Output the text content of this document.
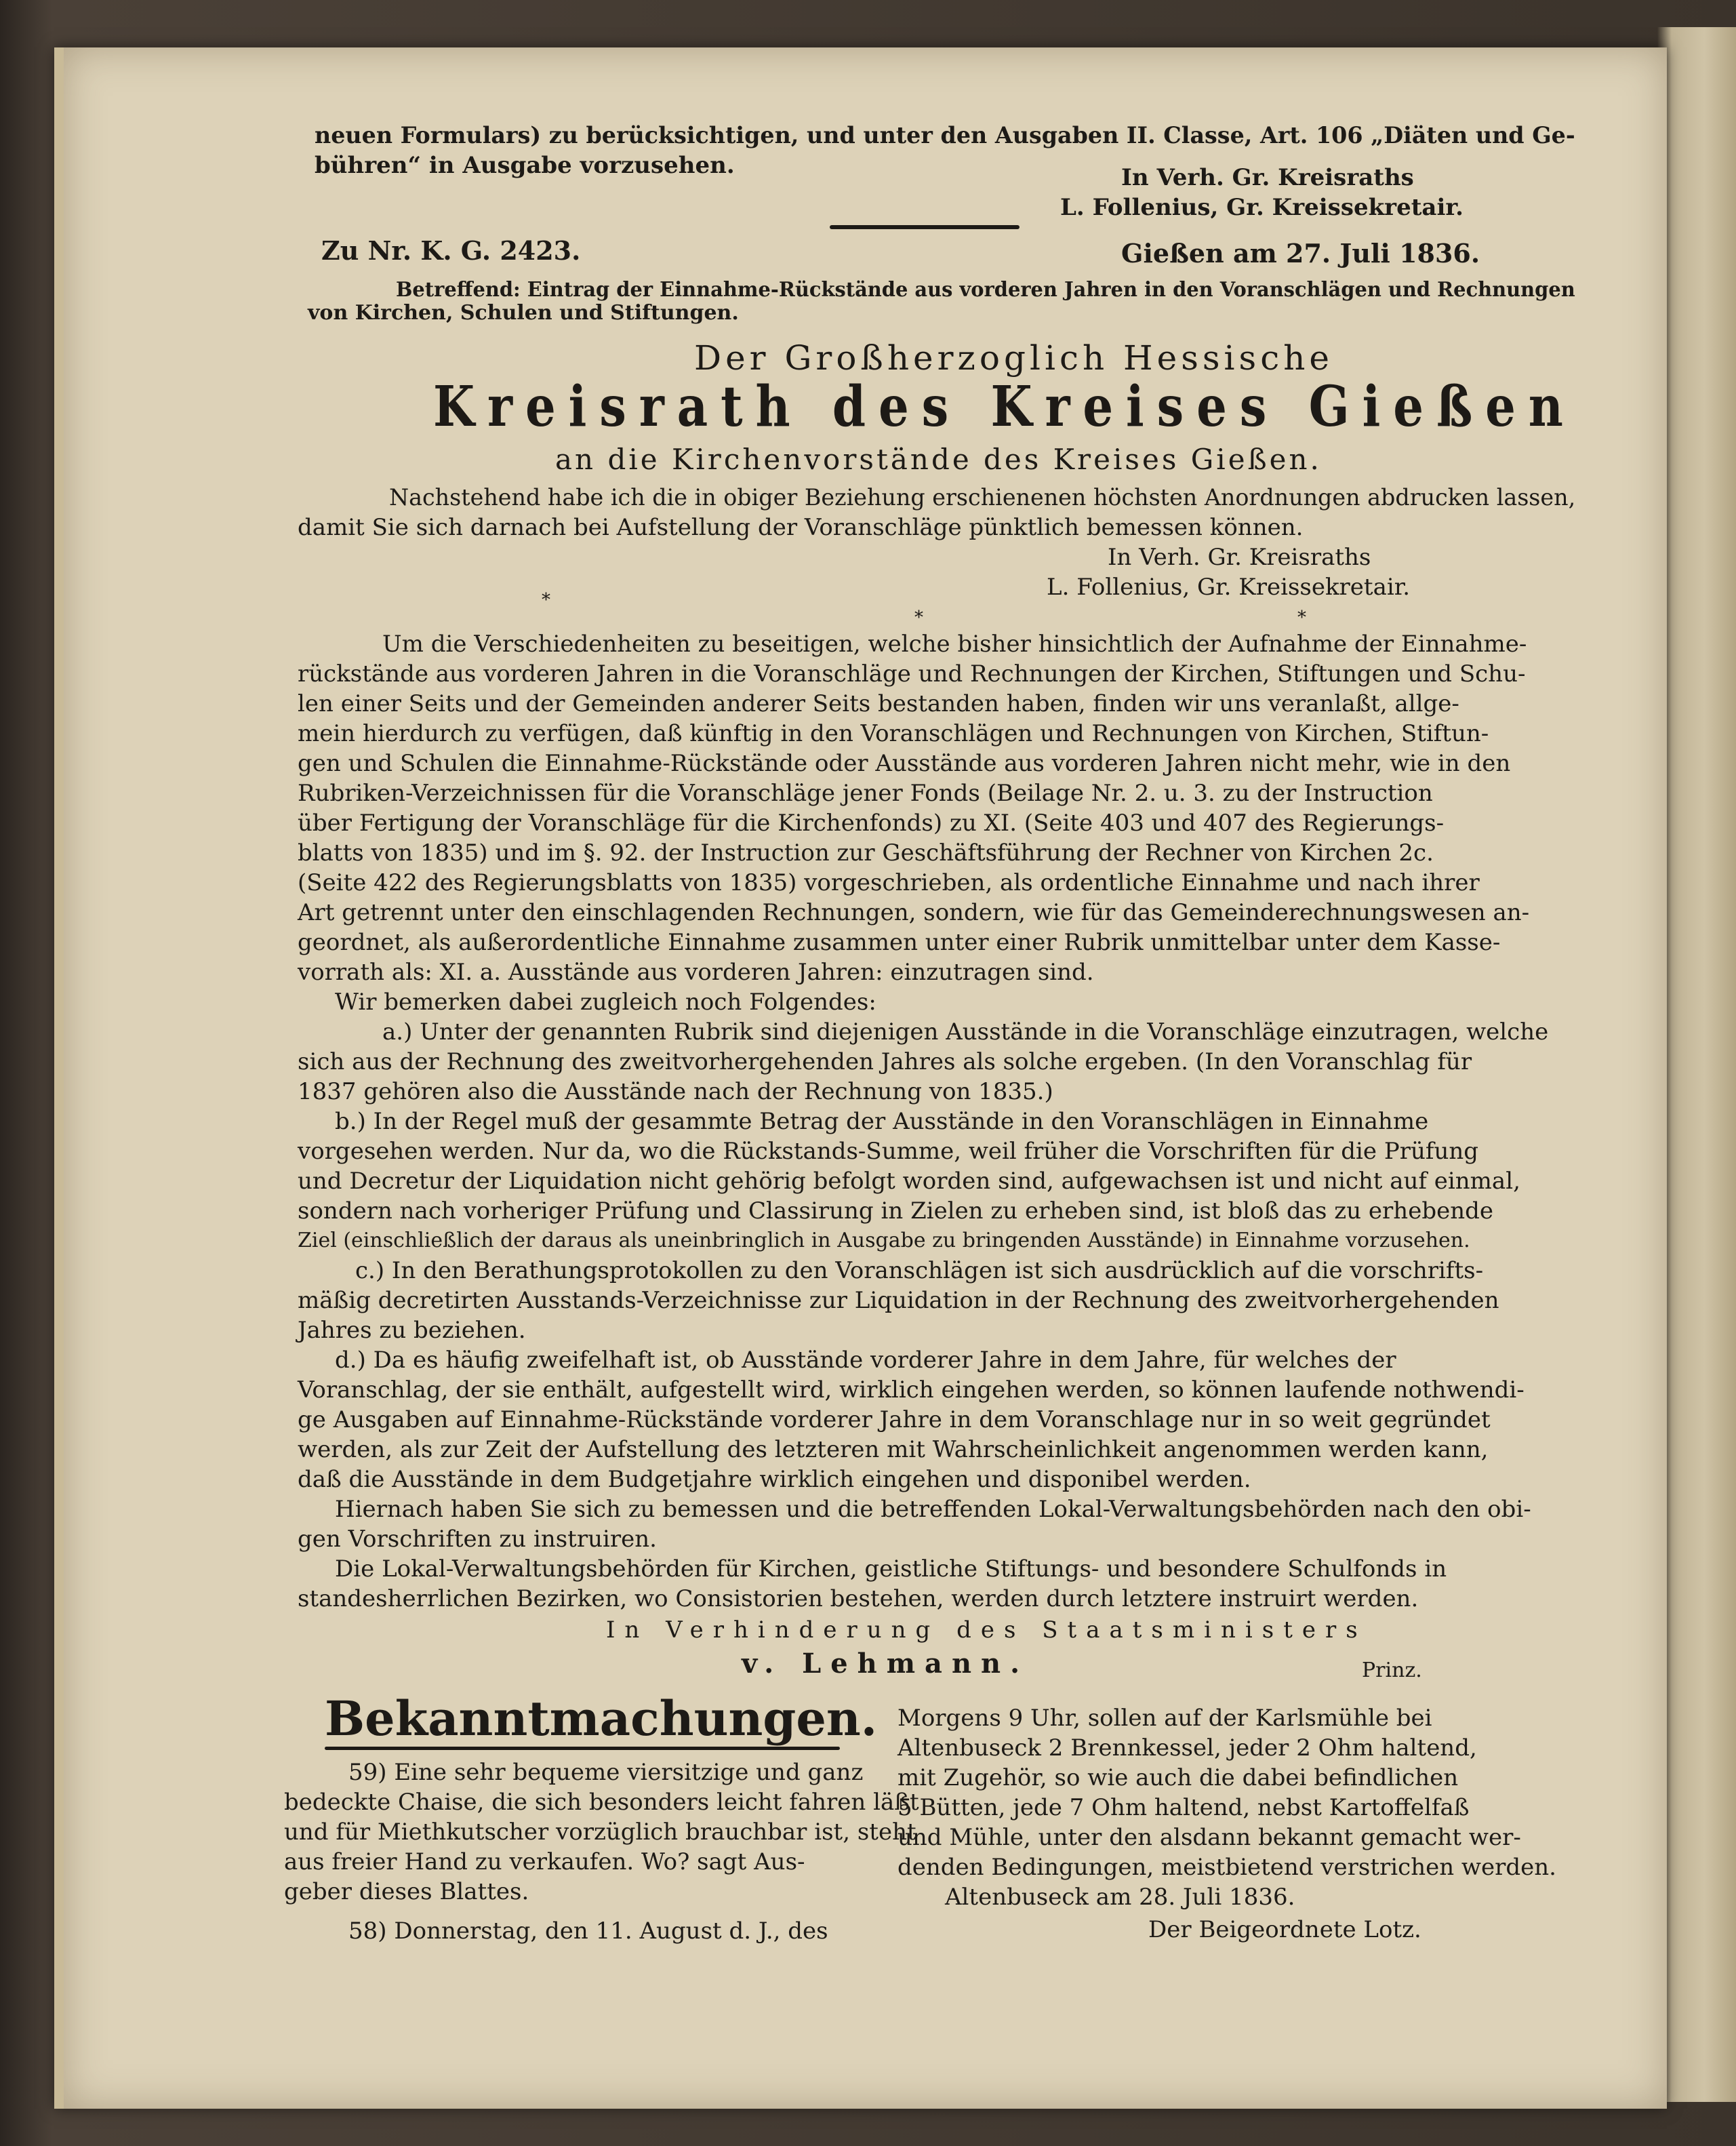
neuen Formulars) zu berücksichtigen, und unter den Ausgaben II. Classe, Art. 106 „Diäten und Ge-
bühren“ in Ausgabe vorzusehen.	In Verh. Gr. Kreisraths
L. Follenius, Gr. Kreissekretair.
Zu Nr. K. G. 2423.	Gießen am 27. Juli 1836.
Betreffend: Eintrag der Einnahme-Rückstände aus vorderen Jahren in den Voranschlägen und Rechnungen
von Kirchen, Schulen und Stiftungen.
Der Großherzoglich Hessische
Kreisrath des Kreises Gießen
an die Kirchenvorstände des Kreises Gießen.
Nachstehend habe ich die in obiger Beziehung erschienenen höchsten Anordnungen abdrucken lassen,
damit Sie sich darnach bei Aufstellung der Voranschläge pünktlich bemessen können.
In Verh. Gr. Kreisraths
L. Follenius, Gr. Kreissekretair.
*
*	*
Um die Verschiedenheiten zu beseitigen, welche bisher hinsichtlich der Aufnahme der Einnahme-
rückstände aus vorderen Jahren in die Voranschläge und Rechnungen der Kirchen, Stiftungen und Schu-
len einer Seits und der Gemeinden anderer Seits bestanden haben, finden wir uns veranlaßt, allge-
mein hierdurch zu verfügen, daß künftig in den Voranschlägen und Rechnungen von Kirchen, Stiftun-
gen und Schulen die Einnahme-Rückstände oder Ausstände aus vorderen Jahren nicht mehr, wie in den
Rubriken-Verzeichnissen für die Voranschläge jener Fonds (Beilage Nr. 2. u. 3. zu der Instruction
über Fertigung der Voranschläge für die Kirchenfonds) zu XI. (Seite 403 und 407 des Regierungs-
blatts von 1835) und im §. 92. der Instruction zur Geschäftsführung der Rechner von Kirchen 2c.
(Seite 422 des Regierungsblatts von 1835) vorgeschrieben, als ordentliche Einnahme und nach ihrer
Art getrennt unter den einschlagenden Rechnungen, sondern, wie für das Gemeinderechnungswesen an-
geordnet, als außerordentliche Einnahme zusammen unter einer Rubrik unmittelbar unter dem Kasse-
vorrath als: XI. a. Ausstände aus vorderen Jahren: einzutragen sind.
Wir bemerken dabei zugleich noch Folgendes:
a.) Unter der genannten Rubrik sind diejenigen Ausstände in die Voranschläge einzutragen, welche
sich aus der Rechnung des zweitvorhergehenden Jahres als solche ergeben. (In den Voranschlag für
1837 gehören also die Ausstände nach der Rechnung von 1835.)
b.) In der Regel muß der gesammte Betrag der Ausstände in den Voranschlägen in Einnahme
vorgesehen werden. Nur da, wo die Rückstands-Summe, weil früher die Vorschriften für die Prüfung
und Decretur der Liquidation nicht gehörig befolgt worden sind, aufgewachsen ist und nicht auf einmal,
sondern nach vorheriger Prüfung und Classirung in Zielen zu erheben sind, ist bloß das zu erhebende
Ziel (einschließlich der daraus als uneinbringlich in Ausgabe zu bringenden Ausstände) in Einnahme vorzusehen.
c.) In den Berathungsprotokollen zu den Voranschlägen ist sich ausdrücklich auf die vorschrifts-
mäßig decretirten Ausstands-Verzeichnisse zur Liquidation in der Rechnung des zweitvorhergehenden
Jahres zu beziehen.
d.) Da es häufig zweifelhaft ist, ob Ausstände vorderer Jahre in dem Jahre, für welches der
Voranschlag, der sie enthält, aufgestellt wird, wirklich eingehen werden, so können laufende nothwendi-
ge Ausgaben auf Einnahme-Rückstände vorderer Jahre in dem Voranschlage nur in so weit gegründet
werden, als zur Zeit der Aufstellung des letzteren mit Wahrscheinlichkeit angenommen werden kann,
daß die Ausstände in dem Budgetjahre wirklich eingehen und disponibel werden.
Hiernach haben Sie sich zu bemessen und die betreffenden Lokal-Verwaltungsbehörden nach den obi-
gen Vorschriften zu instruiren.
Die Lokal-Verwaltungsbehörden für Kirchen, geistliche Stiftungs- und besondere Schulfonds in
standesherrlichen Bezirken, wo Consistorien bestehen, werden durch letztere instruirt werden.
In Verhinderung des Staatsministers
v. Lehmann.	Prinz.
Bekanntmachungen.
59) Eine sehr bequeme viersitzige und ganz
bedeckte Chaise, die sich besonders leicht fahren läßt
und für Miethkutscher vorzüglich brauchbar ist, steht
aus freier Hand zu verkaufen. Wo? sagt Aus-
geber dieses Blattes.
58) Donnerstag, den 11. August d. J., des
Morgens 9 Uhr, sollen auf der Karlsmühle bei
Altenbuseck 2 Brennkessel, jeder 2 Ohm haltend,
mit Zugehör, so wie auch die dabei befindlichen
5 Bütten, jede 7 Ohm haltend, nebst Kartoffelfaß
und Mühle, unter den alsdann bekannt gemacht wer-
denden Bedingungen, meistbietend verstrichen werden.
Altenbuseck am 28. Juli 1836.
Der Beigeordnete Lotz.
